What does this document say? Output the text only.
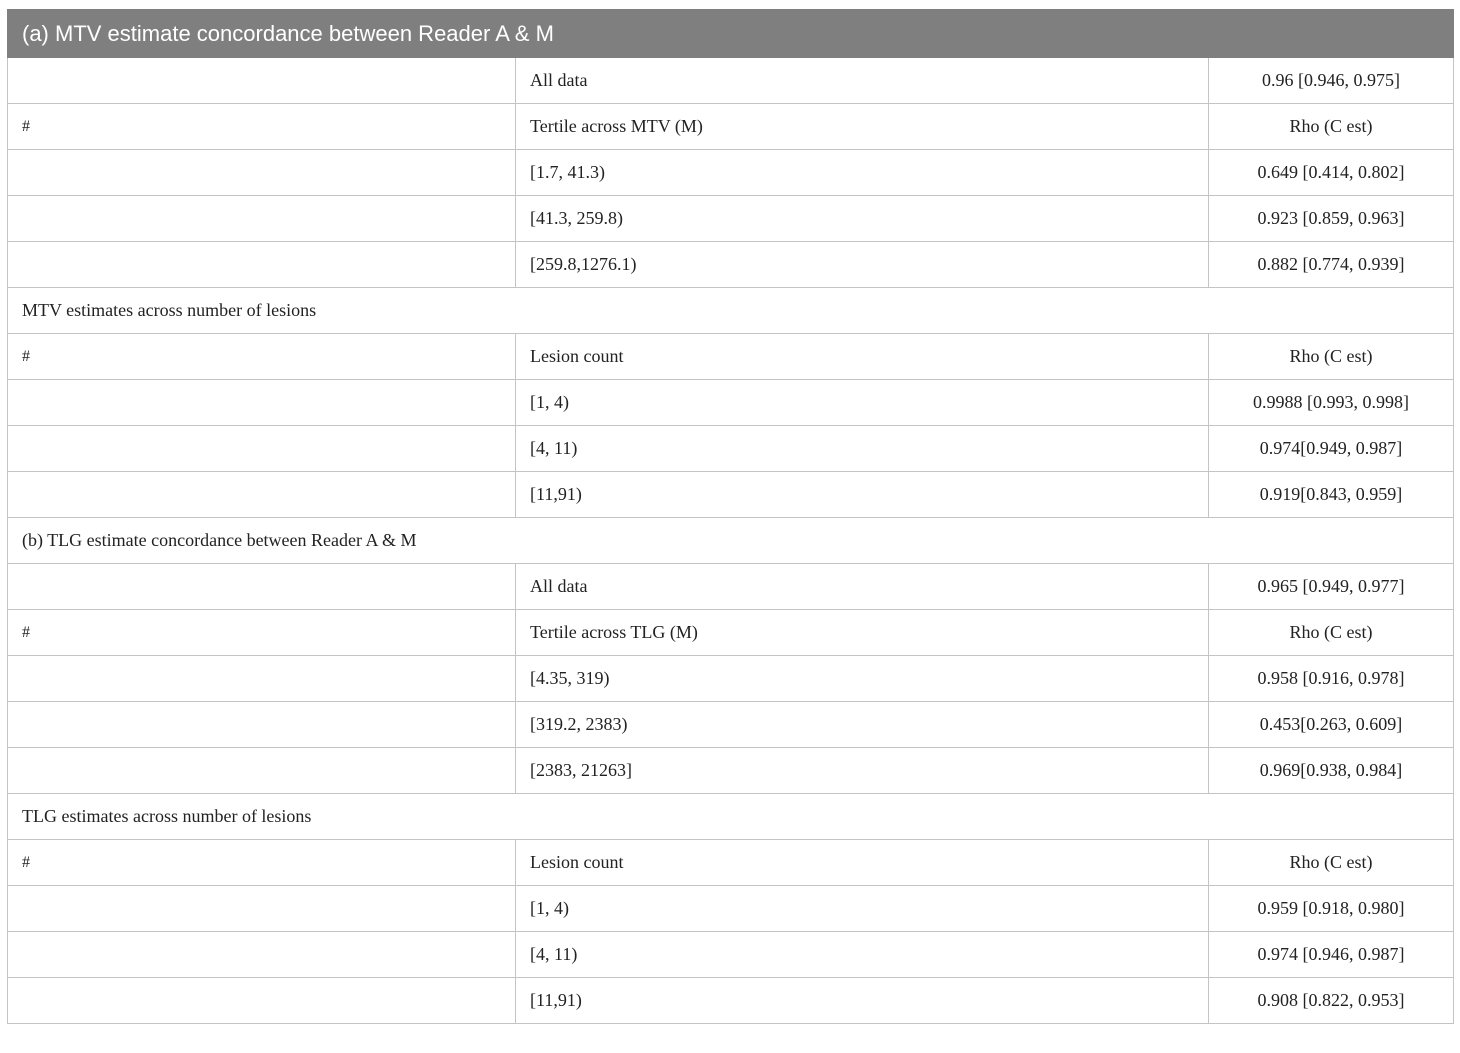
(a) MTV estimate concordance between Reader A & M		
	All data	0.96 [0.946, 0.975]
#	Tertile across MTV (M)	Rho (C est)
	[1.7, 41.3)	0.649 [0.414, 0.802]
	[41.3, 259.8)	0.923 [0.859, 0.963]
	[259.8,1276.1)	0.882 [0.774, 0.939]
MTV estimates across number of lesions		
#	Lesion count	Rho (C est)
	[1, 4)	0.9988 [0.993, 0.998]
	[4, 11)	0.974[0.949, 0.987]
	[11,91)	0.919[0.843, 0.959]
(b) TLG estimate concordance between Reader A & M		
	All data	0.965 [0.949, 0.977]
#	Tertile across TLG (M)	Rho (C est)
	[4.35, 319)	0.958 [0.916, 0.978]
	[319.2, 2383)	0.453[0.263, 0.609]
	[2383, 21263]	0.969[0.938, 0.984]
TLG estimates across number of lesions		
#	Lesion count	Rho (C est)
	[1, 4)	0.959 [0.918, 0.980]
	[4, 11)	0.974 [0.946, 0.987]
	[11,91)	0.908 [0.822, 0.953]
